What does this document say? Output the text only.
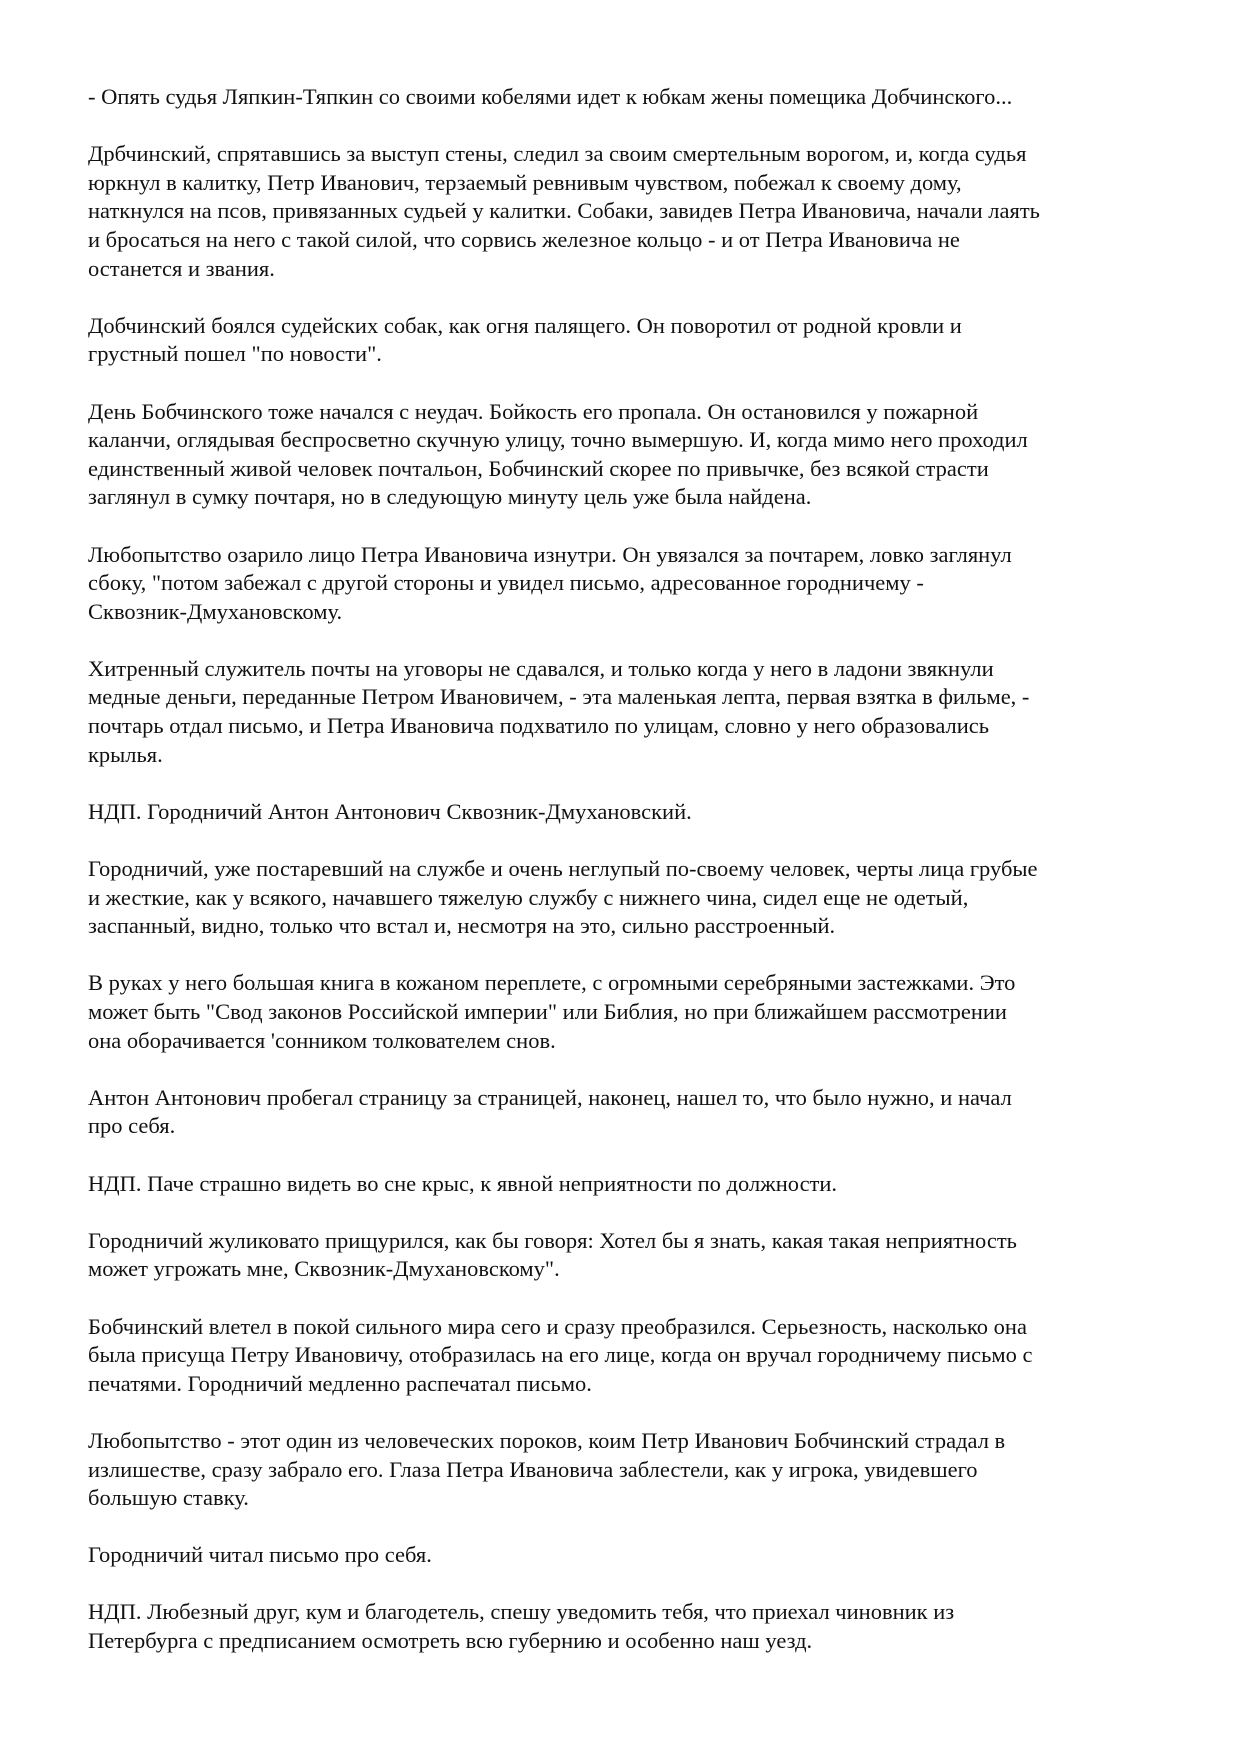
- Опять судья Ляпкин-Тяпкин со своими кобелями идет к юбкам жены помещика Добчинского...

Дрбчинский, спрятавшись за выступ стены, следил за своим смертельным ворогом, и, когда судья
юркнул в калитку, Петр Иванович, терзаемый ревнивым чувством, побежал к своему дому,
наткнулся на псов, привязанных судьей у калитки. Собаки, завидев Петра Ивановича, начали лаять
и бросаться на него с такой силой, что сорвись железное кольцо - и от Петра Ивановича не
останется и звания.

Добчинский боялся судейских собак, как огня палящего. Он поворотил от родной кровли и
грустный пошел "по новости".

День Бобчинского тоже начался с неудач. Бойкость его пропала. Он остановился у пожарной
каланчи, оглядывая беспросветно скучную улицу, точно вымершую. И, когда мимо него проходил
единственный живой человек почтальон, Бобчинский скорее по привычке, без всякой страсти
заглянул в сумку почтаря, но в следующую минуту цель уже была найдена.

Любопытство озарило лицо Петра Ивановича изнутри. Он увязался за почтарем, ловко заглянул
сбоку, "потом забежал с другой стороны и увидел письмо, адресованное городничему -
Сквозник-Дмухановскому.

Хитренный служитель почты на уговоры не сдавался, и только когда у него в ладони звякнули
медные деньги, переданные Петром Ивановичем, - эта маленькая лепта, первая взятка в фильме, -
почтарь отдал письмо, и Петра Ивановича подхватило по улицам, словно у него образовались
крылья.

НДП. Городничий Антон Антонович Сквозник-Дмухановский.

Городничий, уже постаревший на службе и очень неглупый по-своему человек, черты лица грубые
и жесткие, как у всякого, начавшего тяжелую службу с нижнего чина, сидел еще не одетый,
заспанный, видно, только что встал и, несмотря на это, сильно расстроенный.

В руках у него большая книга в кожаном переплете, с огромными серебряными застежками. Это
может быть "Свод законов Российской империи" или Библия, но при ближайшем рассмотрении
она оборачивается 'сонником толкователем снов.

Антон Антонович пробегал страницу за страницей, наконец, нашел то, что было нужно, и начал
про себя.

НДП. Паче страшно видеть во сне крыс, к явной неприятности по должности.

Городничий жуликовато прищурился, как бы говоря: Хотел бы я знать, какая такая неприятность
может угрожать мне, Сквозник-Дмухановскому".

Бобчинский влетел в покой сильного мира сего и сразу преобразился. Серьезность, насколько она
была присуща Петру Ивановичу, отобразилась на его лице, когда он вручал городничему письмо с
печатями. Городничий медленно распечатал письмо.

Любопытство - этот один из человеческих пороков, коим Петр Иванович Бобчинский страдал в
излишестве, сразу забрало его. Глаза Петра Ивановича заблестели, как у игрока, увидевшего
большую ставку.

Городничий читал письмо про себя.

НДП. Любезный друг, кум и благодетель, спешу уведомить тебя, что приехал чиновник из
Петербурга с предписанием осмотреть всю губернию и особенно наш уезд.
